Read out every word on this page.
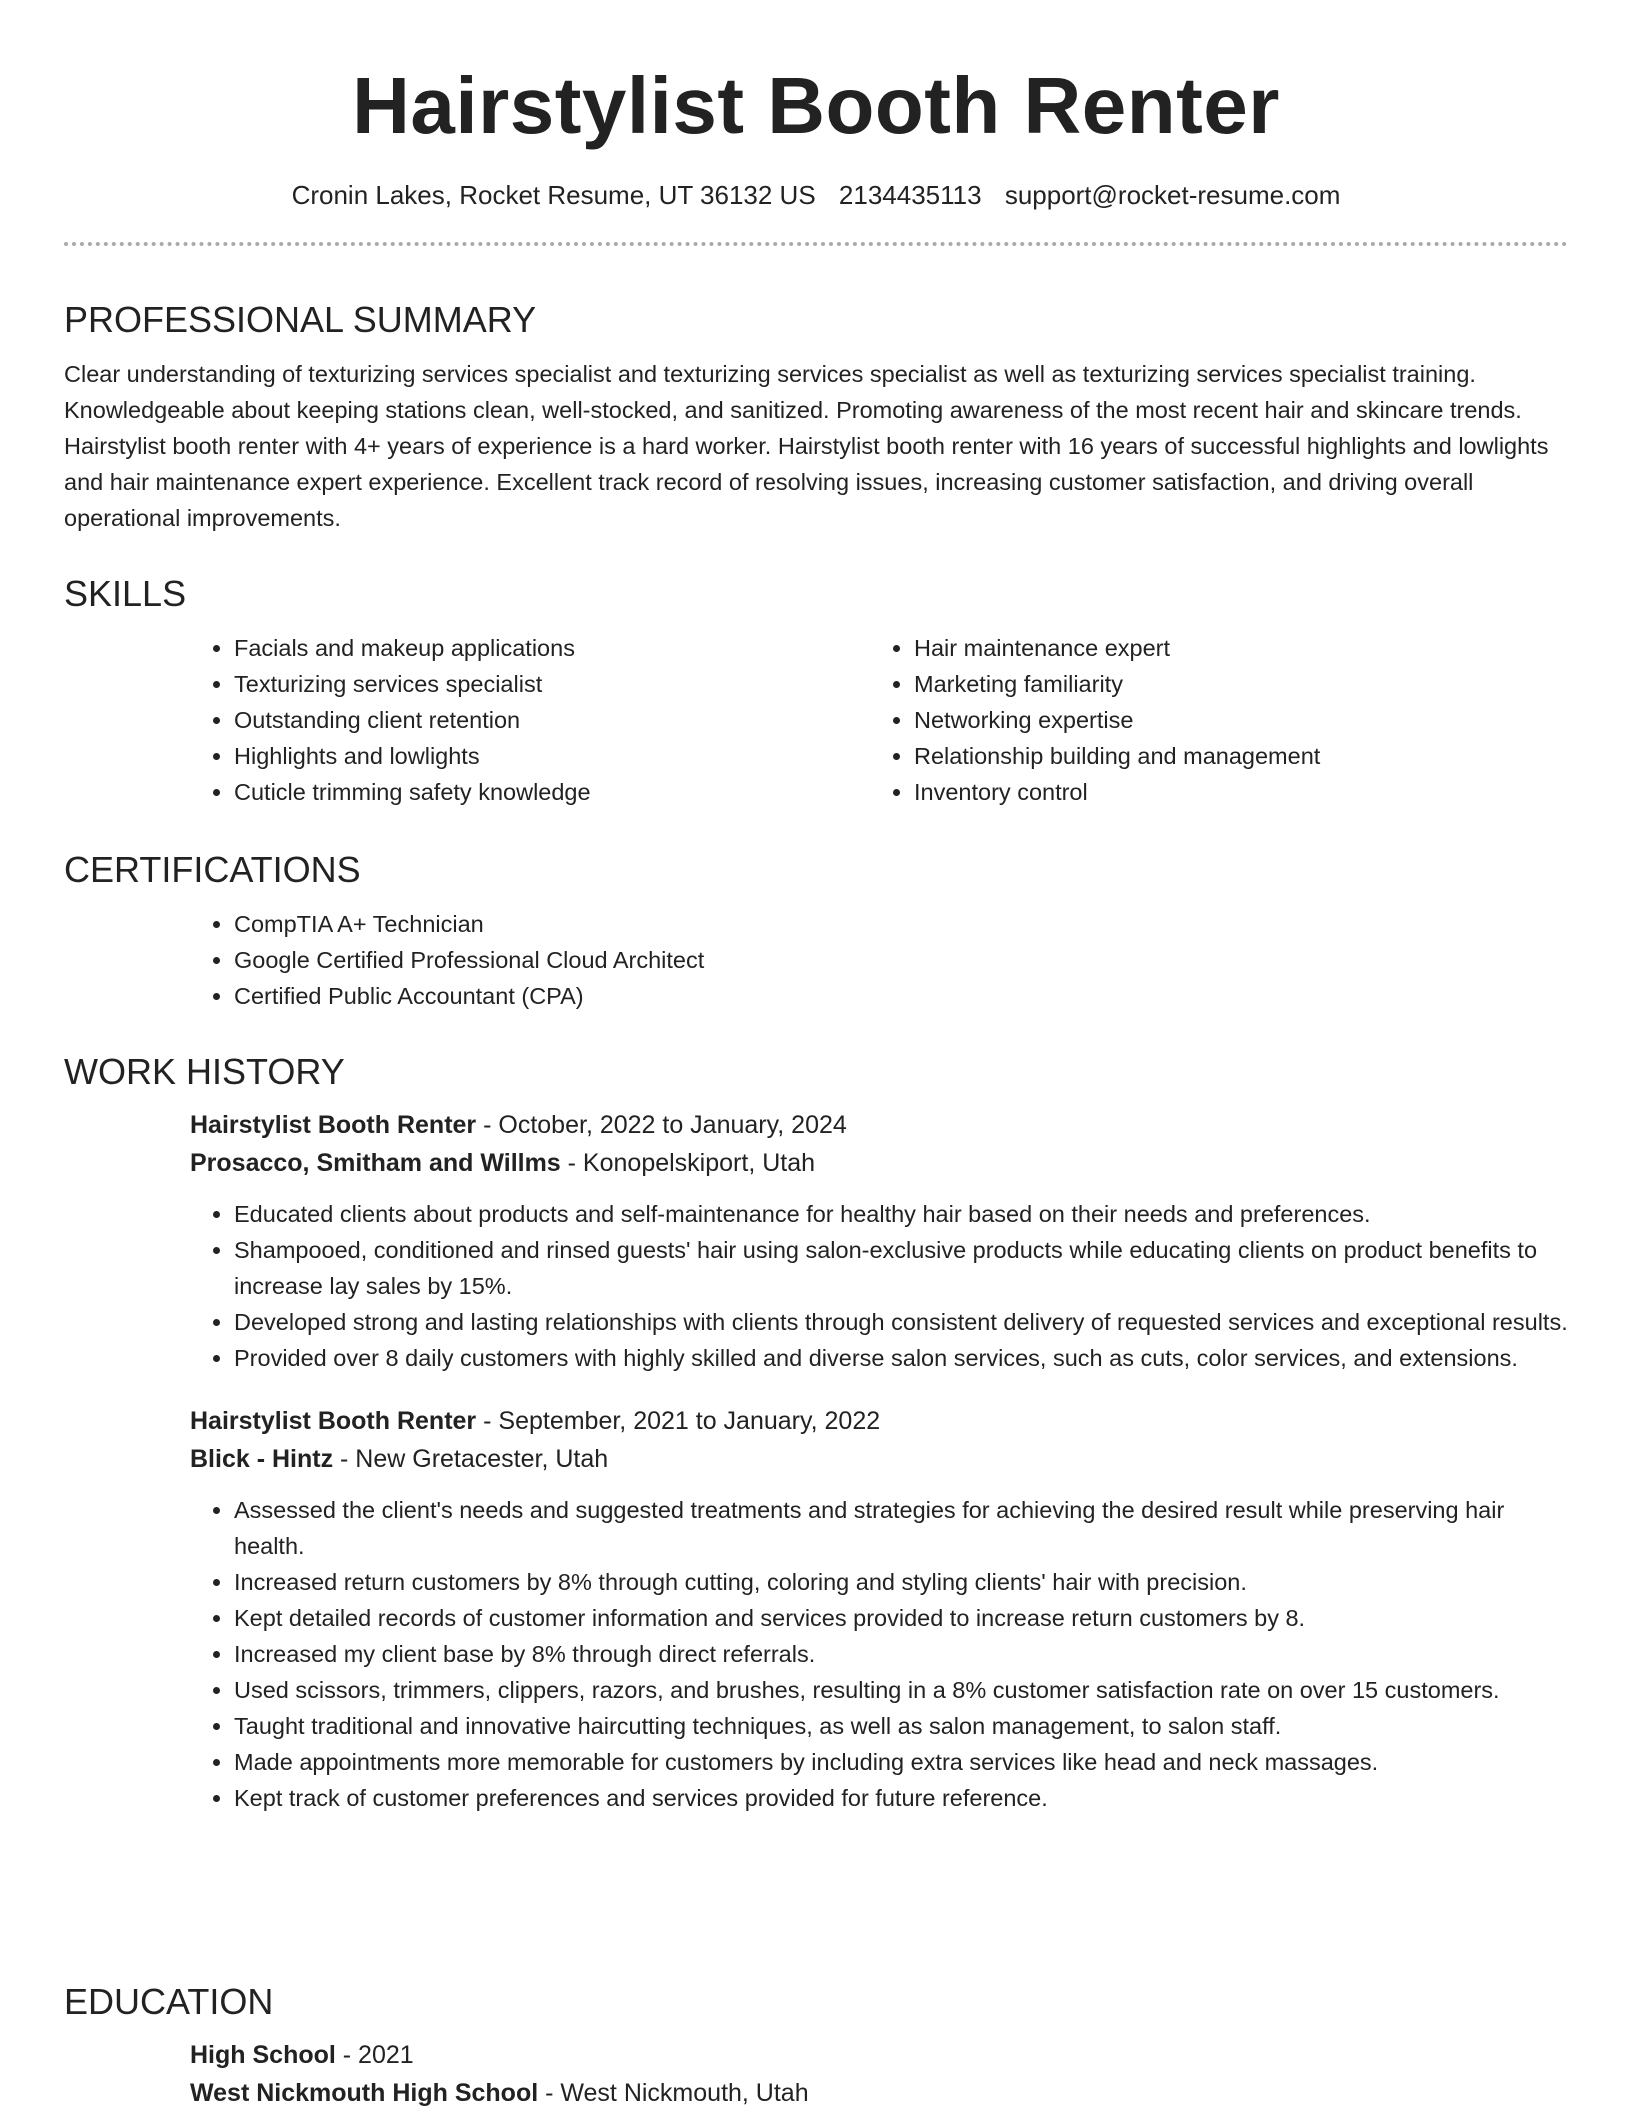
Hairstylist Booth Renter
Cronin Lakes, Rocket Resume, UT 36132 US 2134435113 support@rocket-resume.com
PROFESSIONAL SUMMARY

Clear understanding of texturizing services specialist and texturizing services specialist as well as texturizing services specialist training. Knowledgeable about keeping stations clean, well-stocked, and sanitized. Promoting awareness of the most recent hair and skincare trends. Hairstylist booth renter with 4+ years of experience is a hard worker. Hairstylist booth renter with 16 years of successful highlights and lowlights and hair maintenance expert experience. Excellent track record of resolving issues, increasing customer satisfaction, and driving overall operational improvements.

SKILLS
• Facials and makeup applications
• Texturizing services specialist
• Outstanding client retention
• Highlights and lowlights
• Cuticle trimming safety knowledge
• Hair maintenance expert
• Marketing familiarity
• Networking expertise
• Relationship building and management
• Inventory control
CERTIFICATIONS
• CompTIA A+ Technician
• Google Certified Professional Cloud Architect
• Certified Public Accountant (CPA)
WORK HISTORY

Hairstylist Booth Renter - October, 2022 to January, 2024

Prosacco, Smitham and Willms - Konopelskiport, Utah

• Educated clients about products and self-maintenance for healthy hair based on their needs and preferences.
• Shampooed, conditioned and rinsed guests' hair using salon-exclusive products while educating clients on product benefits to increase lay sales by 15%.
• Developed strong and lasting relationships with clients through consistent delivery of requested services and exceptional results.
• Provided over 8 daily customers with highly skilled and diverse salon services, such as cuts, color services, and extensions.

Hairstylist Booth Renter - September, 2021 to January, 2022

Blick - Hintz - New Gretacester, Utah

• Assessed the client's needs and suggested treatments and strategies for achieving the desired result while preserving hair health.
• Increased return customers by 8% through cutting, coloring and styling clients' hair with precision.
• Kept detailed records of customer information and services provided to increase return customers by 8.
• Increased my client base by 8% through direct referrals.
• Used scissors, trimmers, clippers, razors, and brushes, resulting in a 8% customer satisfaction rate on over 15 customers.
• Taught traditional and innovative haircutting techniques, as well as salon management, to salon staff.
• Made appointments more memorable for customers by including extra services like head and neck massages.
• Kept track of customer preferences and services provided for future reference.
EDUCATION

High School - 2021

West Nickmouth High School - West Nickmouth, Utah
